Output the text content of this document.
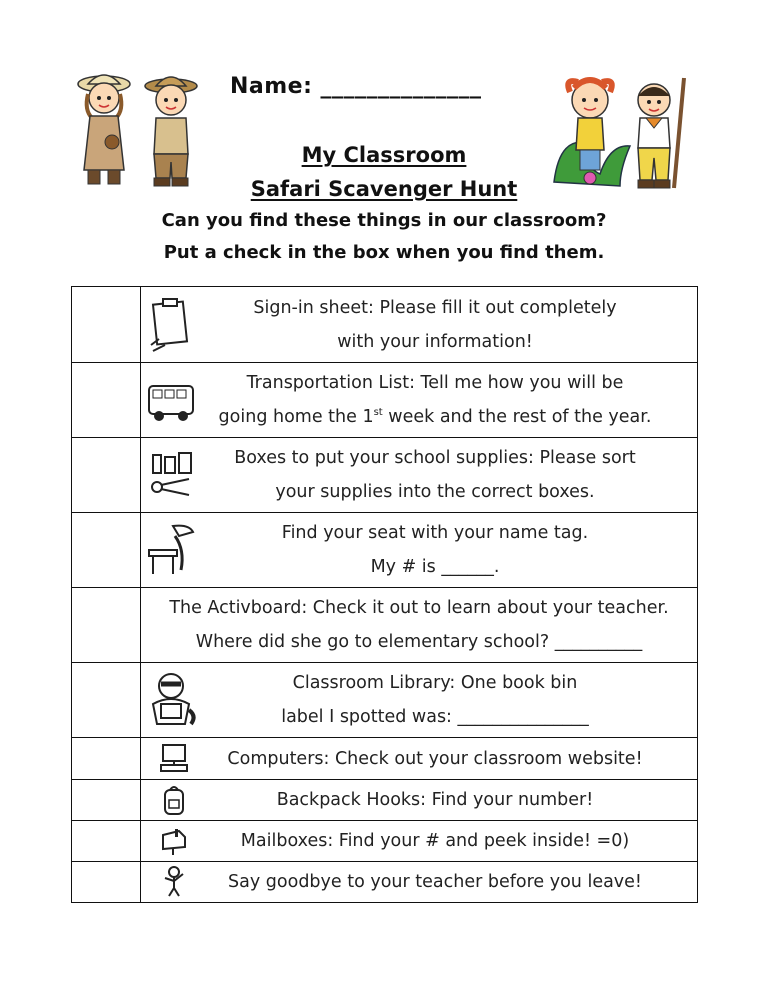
Name: ______________
My Classroom
Safari Scavenger Hunt
Can you find these things in our classroom?
Put a check in the box when you find them.

	Sign-in sheet: Please fill it out completely
with your information!

	Transportation List: Tell me how you will be
going home the 1st week and the rest of the year.

	Boxes to put your school supplies: Please sort
your supplies into the correct boxes.

	Find your seat with your name tag.
My # is ______.

	The Activboard: Check it out to learn about your teacher.
Where did she go to elementary school? __________

	Classroom Library: One book bin
label I spotted was: _______________

	Computers: Check out your classroom website!

	Backpack Hooks: Find your number!

	Mailboxes: Find your # and peek inside! =0)

	Say goodbye to your teacher before you leave!
